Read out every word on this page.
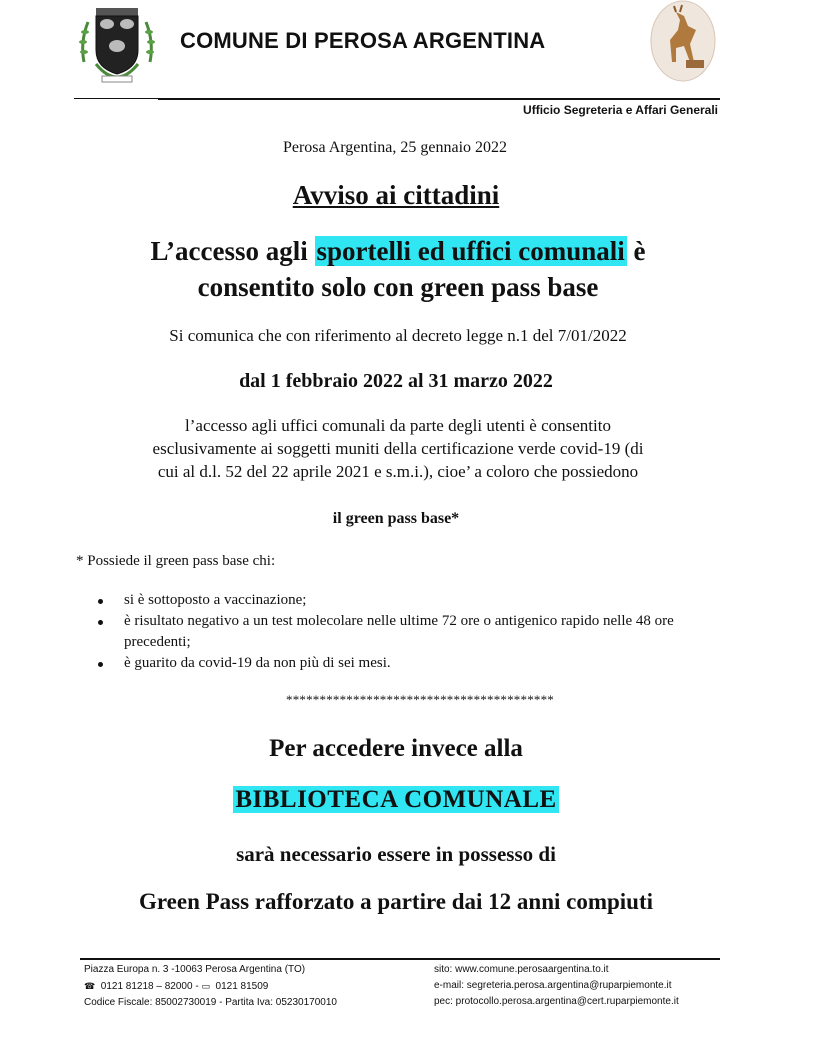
COMUNE DI PEROSA ARGENTINA
Ufficio Segreteria e Affari Generali
Perosa Argentina, 25 gennaio 2022
Avviso ai cittadini
L’accesso agli sportelli ed uffici comunali è
consentito solo con green pass base
Si comunica che con riferimento al decreto legge n.1 del 7/01/2022
dal 1 febbraio 2022 al 31 marzo 2022
l’accesso agli uffici comunali da parte degli utenti è consentito
esclusivamente ai soggetti muniti della certificazione verde covid-19 (di
cui al d.l. 52 del 22 aprile 2021 e s.m.i.), cioe’ a coloro che possiedono
il green pass base*
* Possiede il green pass base chi:
si è sottoposto a vaccinazione;
è risultato negativo a un test molecolare nelle ultime 72 ore o antigenico rapido nelle 48 ore precedenti;
è guarito da covid-19 da non più di sei mesi.
****************************************
Per accedere invece alla
BIBLIOTECA COMUNALE
sarà necessario essere in possesso di
Green Pass rafforzato a partire dai 12 anni compiuti
Piazza Europa n. 3 -10063 Perosa Argentina (TO)
☎ 0121 81218 – 82000 - ▭ 0121 81509
Codice Fiscale: 85002730019 - Partita Iva: 05230170010
sito: www.comune.perosaargentina.to.it
e-mail: segreteria.perosa.argentina@ruparpiemonte.it
pec: protocollo.perosa.argentina@cert.ruparpiemonte.it
